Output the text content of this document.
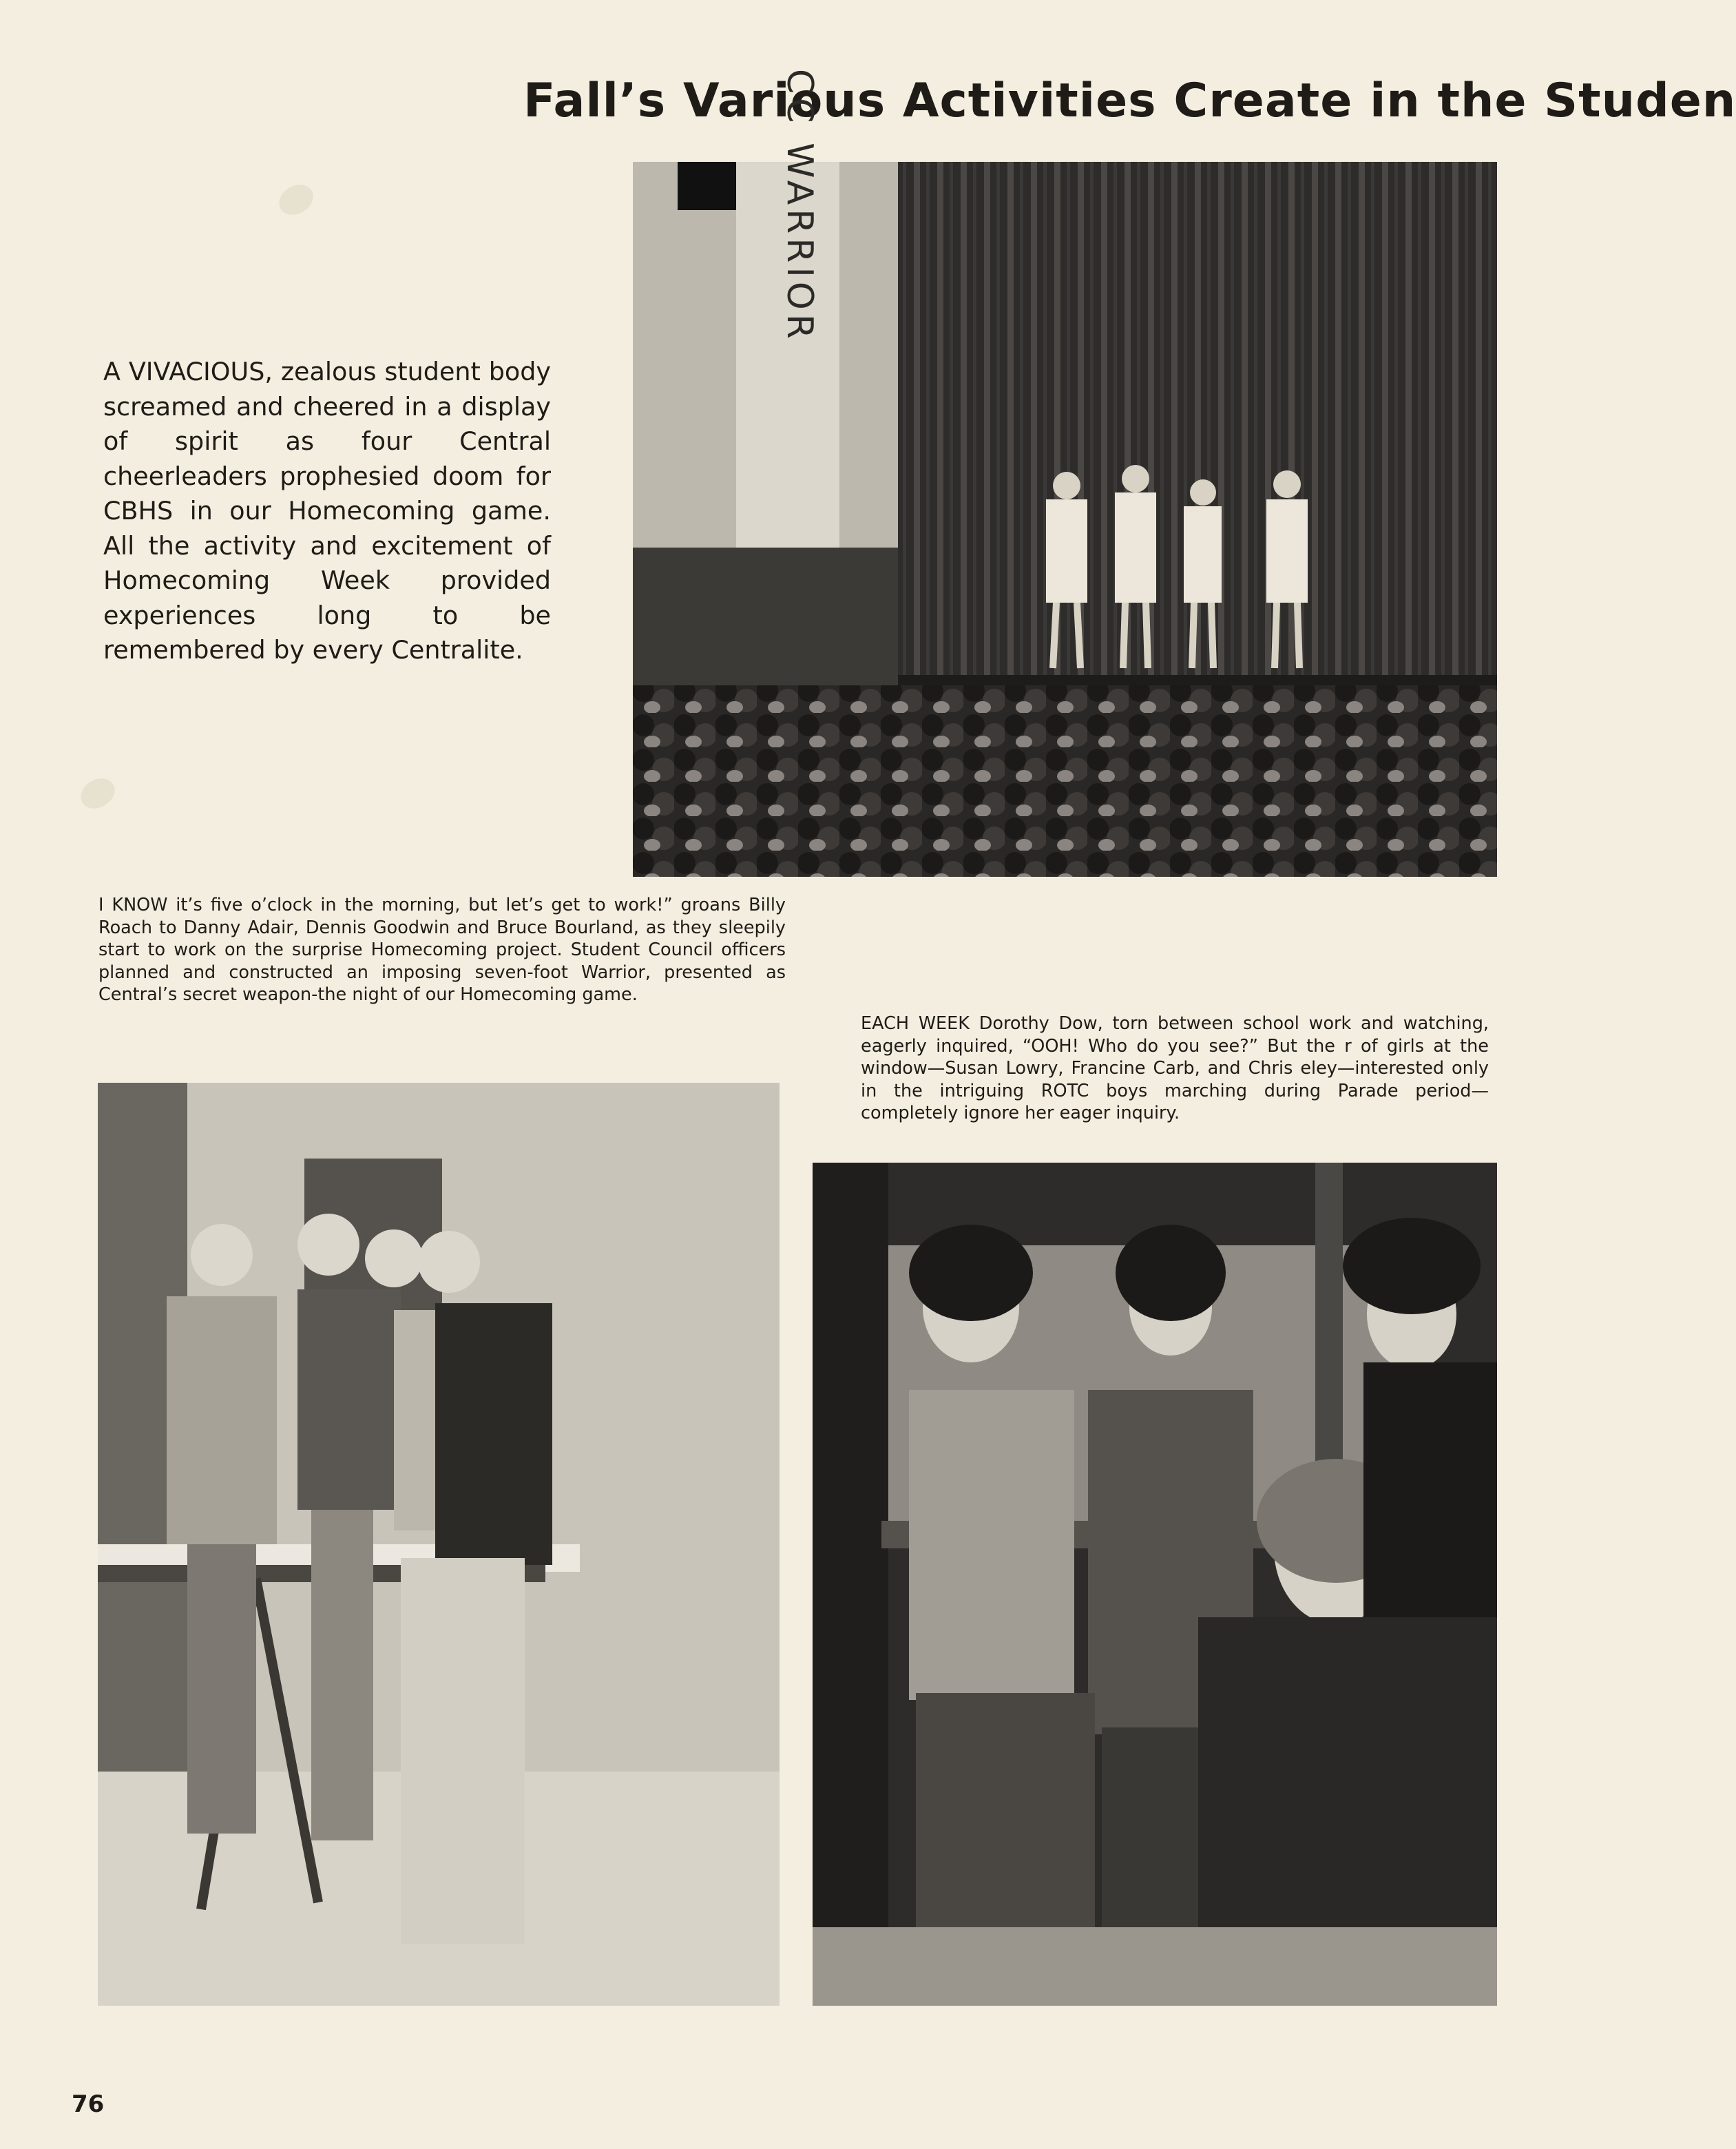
Fall’s Various Activities Create in the Studen
A VIVACIOUS, zealous student body screamed and cheered in a display of spirit as four Central cheerleaders prophesied doom for CBHS in our Homecoming game. All the activity and excitement of Homecoming Week provided experiences long to be remembered by every Centralite.
CC WARRIOR
I KNOW it’s five o’clock in the morning, but let’s get to work!” groans Billy Roach to Danny Adair, Dennis Goodwin and Bruce Bourland, as they sleepily start to work on the surprise Homecoming project. Student Council officers planned and constructed an imposing seven-foot Warrior, presented as Central’s secret weapon-the night of our Homecoming game.
EACH WEEK Dorothy Dow, torn between school work and watching, eagerly inquired, “OOH! Who do you see?” But the r of girls at the window—Susan Lowry, Francine Carb, and Chris eley—interested only in the intriguing ROTC boys marching during Parade period—completely ignore her eager inquiry.
76
